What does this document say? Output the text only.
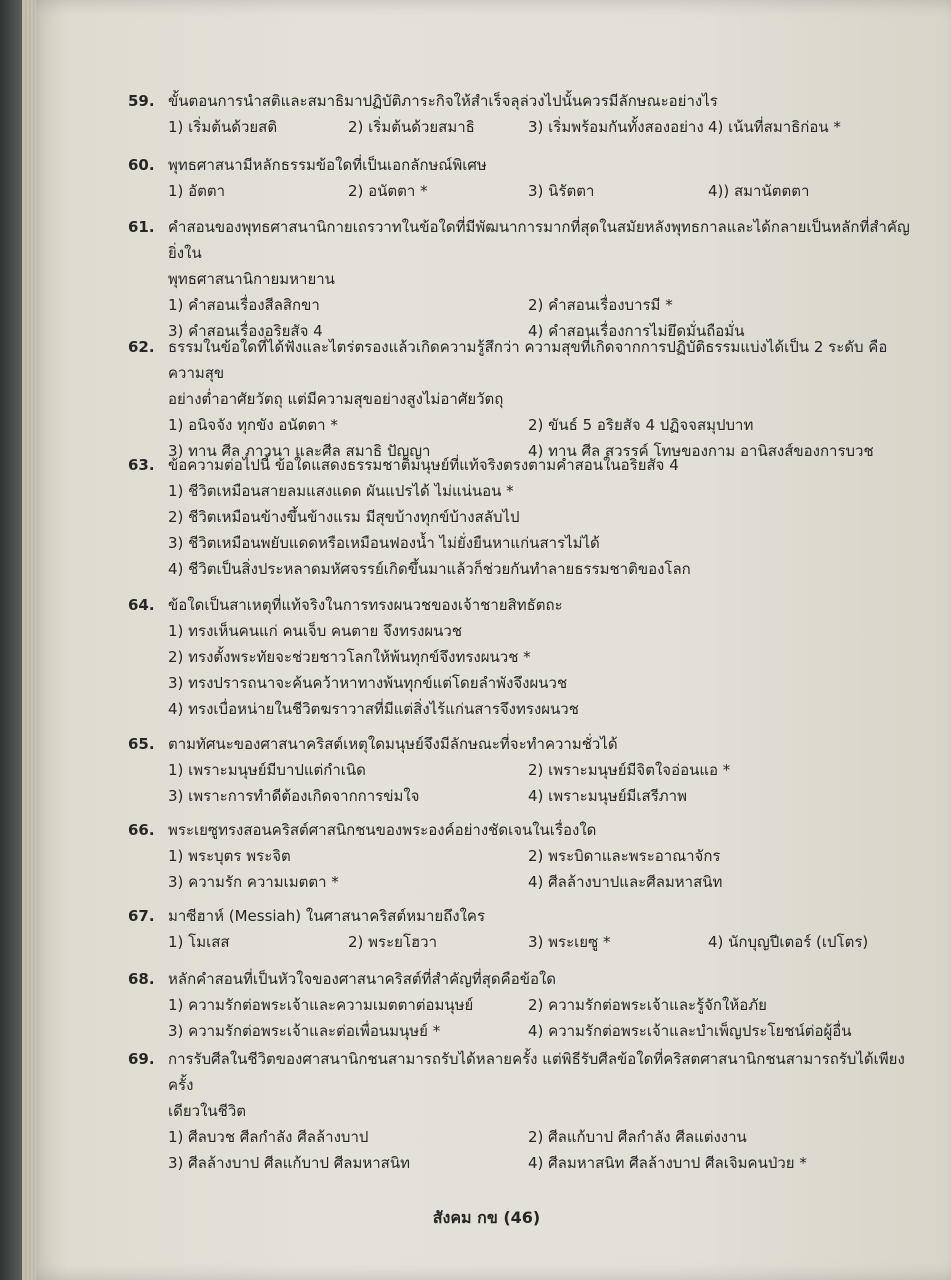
59. ขั้นตอนการนำสติและสมาธิมาปฏิบัติภาระกิจให้สำเร็จลุล่วงไปนั้นควรมีลักษณะอย่างไร
1) เริ่มต้นด้วยสติ	2) เริ่มต้นด้วยสมาธิ	3) เริ่มพร้อมกันทั้งสองอย่าง 4) เน้นที่สมาธิก่อน *
60. พุทธศาสนามีหลักธรรมข้อใดที่เป็นเอกลักษณ์พิเศษ
1) อัตตา	2) อนัตตา *	3) นิรัตตา	4)) สมานัตตตา
61. คำสอนของพุทธศาสนานิกายเถรวาทในข้อใดที่มีพัฒนาการมากที่สุดในสมัยหลังพุทธกาลและได้กลายเป็นหลักที่สำคัญยิ่งใน
พุทธศาสนานิกายมหายาน
1) คำสอนเรื่องสีลสิกขา	2) คำสอนเรื่องบารมี *
3) คำสอนเรื่องอริยสัจ 4	4) คำสอนเรื่องการไม่ยึดมั่นถือมั่น
62. ธรรมในข้อใดที่ได้ฟังและไตร่ตรองแล้วเกิดความรู้สึกว่า ความสุขที่เกิดจากการปฏิบัติธรรมแบ่งได้เป็น 2 ระดับ คือ ความสุข
อย่างต่ำอาศัยวัตถุ แต่มีความสุขอย่างสูงไม่อาศัยวัตถุ
1) อนิจจัง ทุกขัง อนัตตา *	2) ขันธ์ 5 อริยสัจ 4 ปฏิจจสมุปบาท
3) ทาน ศีล ภาวนา และศีล สมาธิ ปัญญา	4) ทาน ศีล สวรรค์ โทษของกาม อานิสงส์ของการบวช
63. ข้อความต่อไปนี้ ข้อใดแสดงธรรมชาติมนุษย์ที่แท้จริงตรงตามคำสอนในอริยสัจ 4
1) ชีวิตเหมือนสายลมแสงแดด ผันแปรได้ ไม่แน่นอน *
2) ชีวิตเหมือนข้างขึ้นข้างแรม มีสุขบ้างทุกข์บ้างสลับไป
3) ชีวิตเหมือนพยับแดดหรือเหมือนฟองน้ำ ไม่ยั่งยืนหาแก่นสารไม่ได้
4) ชีวิตเป็นสิ่งประหลาดมหัศจรรย์เกิดขึ้นมาแล้วก็ช่วยกันทำลายธรรมชาติของโลก
64. ข้อใดเป็นสาเหตุที่แท้จริงในการทรงผนวชของเจ้าชายสิทธัตถะ
1) ทรงเห็นคนแก่ คนเจ็บ คนตาย จึงทรงผนวช
2) ทรงตั้งพระทัยจะช่วยชาวโลกให้พ้นทุกข์จึงทรงผนวช *
3) ทรงปรารถนาจะค้นคว้าหาทางพ้นทุกข์แต่โดยลำพังจึงผนวช
4) ทรงเบื่อหน่ายในชีวิตฆราวาสที่มีแต่สิ่งไร้แก่นสารจึงทรงผนวช
65. ตามทัศนะของศาสนาคริสต์เหตุใดมนุษย์จึงมีลักษณะที่จะทำความชั่วได้
1) เพราะมนุษย์มีบาปแต่กำเนิด	2) เพราะมนุษย์มีจิตใจอ่อนแอ *
3) เพราะการทำดีต้องเกิดจากการข่มใจ	4) เพราะมนุษย์มีเสรีภาพ
66. พระเยซูทรงสอนคริสต์ศาสนิกชนของพระองค์อย่างชัดเจนในเรื่องใด
1) พระบุตร พระจิต	2) พระบิดาและพระอาณาจักร
3) ความรัก ความเมตตา *	4) ศีลล้างบาปและศีลมหาสนิท
67. มาซีฮาห์ (Messiah) ในศาสนาคริสต์หมายถึงใคร
1) โมเสส	2) พระยโฮวา	3) พระเยซู *	4) นักบุญปีเตอร์ (เปโตร)
68. หลักคำสอนที่เป็นหัวใจของศาสนาคริสต์ที่สำคัญที่สุดคือข้อใด
1) ความรักต่อพระเจ้าและความเมตตาต่อมนุษย์	2) ความรักต่อพระเจ้าและรู้จักให้อภัย
3) ความรักต่อพระเจ้าและต่อเพื่อนมนุษย์ *	4) ความรักต่อพระเจ้าและบำเพ็ญประโยชน์ต่อผู้อื่น
69. การรับศีลในชีวิตของศาสนานิกชนสามารถรับได้หลายครั้ง แต่พิธีรับศีลข้อใดที่คริสตศาสนานิกชนสามารถรับได้เพียงครั้ง
เดียวในชีวิต
1) ศีลบวช ศีลกำลัง ศีลล้างบาป	2) ศีลแก้บาป ศีลกำลัง ศีลแต่งงาน
3) ศีลล้างบาป ศีลแก้บาป ศีลมหาสนิท	4) ศีลมหาสนิท ศีลล้างบาป ศีลเจิมคนป่วย *
สังคม กข (46)
